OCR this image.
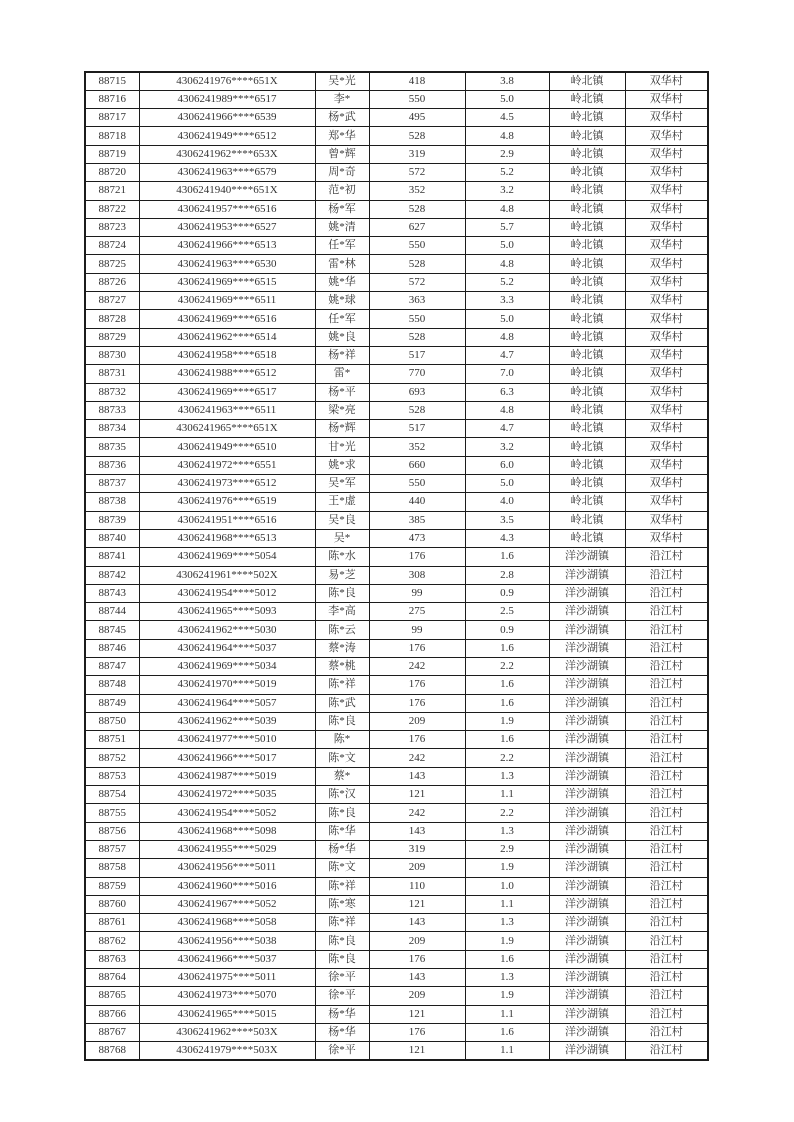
88715	4306241976****651X	吴*光	418	3.8	岭北镇	双华村
88716	4306241989****6517	李*	550	5.0	岭北镇	双华村
88717	4306241966****6539	杨*武	495	4.5	岭北镇	双华村
88718	4306241949****6512	郑*华	528	4.8	岭北镇	双华村
88719	4306241962****653X	曾*辉	319	2.9	岭北镇	双华村
88720	4306241963****6579	周*奇	572	5.2	岭北镇	双华村
88721	4306241940****651X	范*初	352	3.2	岭北镇	双华村
88722	4306241957****6516	杨*军	528	4.8	岭北镇	双华村
88723	4306241953****6527	姚*清	627	5.7	岭北镇	双华村
88724	4306241966****6513	任*军	550	5.0	岭北镇	双华村
88725	4306241963****6530	雷*林	528	4.8	岭北镇	双华村
88726	4306241969****6515	姚*华	572	5.2	岭北镇	双华村
88727	4306241969****6511	姚*球	363	3.3	岭北镇	双华村
88728	4306241969****6516	任*军	550	5.0	岭北镇	双华村
88729	4306241962****6514	姚*良	528	4.8	岭北镇	双华村
88730	4306241958****6518	杨*祥	517	4.7	岭北镇	双华村
88731	4306241988****6512	雷*	770	7.0	岭北镇	双华村
88732	4306241969****6517	杨*平	693	6.3	岭北镇	双华村
88733	4306241963****6511	梁*亮	528	4.8	岭北镇	双华村
88734	4306241965****651X	杨*辉	517	4.7	岭北镇	双华村
88735	4306241949****6510	甘*光	352	3.2	岭北镇	双华村
88736	4306241972****6551	姚*求	660	6.0	岭北镇	双华村
88737	4306241973****6512	吴*军	550	5.0	岭北镇	双华村
88738	4306241976****6519	王*虚	440	4.0	岭北镇	双华村
88739	4306241951****6516	吴*良	385	3.5	岭北镇	双华村
88740	4306241968****6513	吴*	473	4.3	岭北镇	双华村
88741	4306241969****5054	陈*水	176	1.6	洋沙湖镇	沿江村
88742	4306241961****502X	易*芝	308	2.8	洋沙湖镇	沿江村
88743	4306241954****5012	陈*良	99	0.9	洋沙湖镇	沿江村
88744	4306241965****5093	李*高	275	2.5	洋沙湖镇	沿江村
88745	4306241962****5030	陈*云	99	0.9	洋沙湖镇	沿江村
88746	4306241964****5037	蔡*涛	176	1.6	洋沙湖镇	沿江村
88747	4306241969****5034	蔡*桃	242	2.2	洋沙湖镇	沿江村
88748	4306241970****5019	陈*祥	176	1.6	洋沙湖镇	沿江村
88749	4306241964****5057	陈*武	176	1.6	洋沙湖镇	沿江村
88750	4306241962****5039	陈*良	209	1.9	洋沙湖镇	沿江村
88751	4306241977****5010	陈*	176	1.6	洋沙湖镇	沿江村
88752	4306241966****5017	陈*文	242	2.2	洋沙湖镇	沿江村
88753	4306241987****5019	蔡*	143	1.3	洋沙湖镇	沿江村
88754	4306241972****5035	陈*汉	121	1.1	洋沙湖镇	沿江村
88755	4306241954****5052	陈*良	242	2.2	洋沙湖镇	沿江村
88756	4306241968****5098	陈*华	143	1.3	洋沙湖镇	沿江村
88757	4306241955****5029	杨*华	319	2.9	洋沙湖镇	沿江村
88758	4306241956****5011	陈*文	209	1.9	洋沙湖镇	沿江村
88759	4306241960****5016	陈*祥	110	1.0	洋沙湖镇	沿江村
88760	4306241967****5052	陈*寒	121	1.1	洋沙湖镇	沿江村
88761	4306241968****5058	陈*祥	143	1.3	洋沙湖镇	沿江村
88762	4306241956****5038	陈*良	209	1.9	洋沙湖镇	沿江村
88763	4306241966****5037	陈*良	176	1.6	洋沙湖镇	沿江村
88764	4306241975****5011	徐*平	143	1.3	洋沙湖镇	沿江村
88765	4306241973****5070	徐*平	209	1.9	洋沙湖镇	沿江村
88766	4306241965****5015	杨*华	121	1.1	洋沙湖镇	沿江村
88767	4306241962****503X	杨*华	176	1.6	洋沙湖镇	沿江村
88768	4306241979****503X	徐*平	121	1.1	洋沙湖镇	沿江村
